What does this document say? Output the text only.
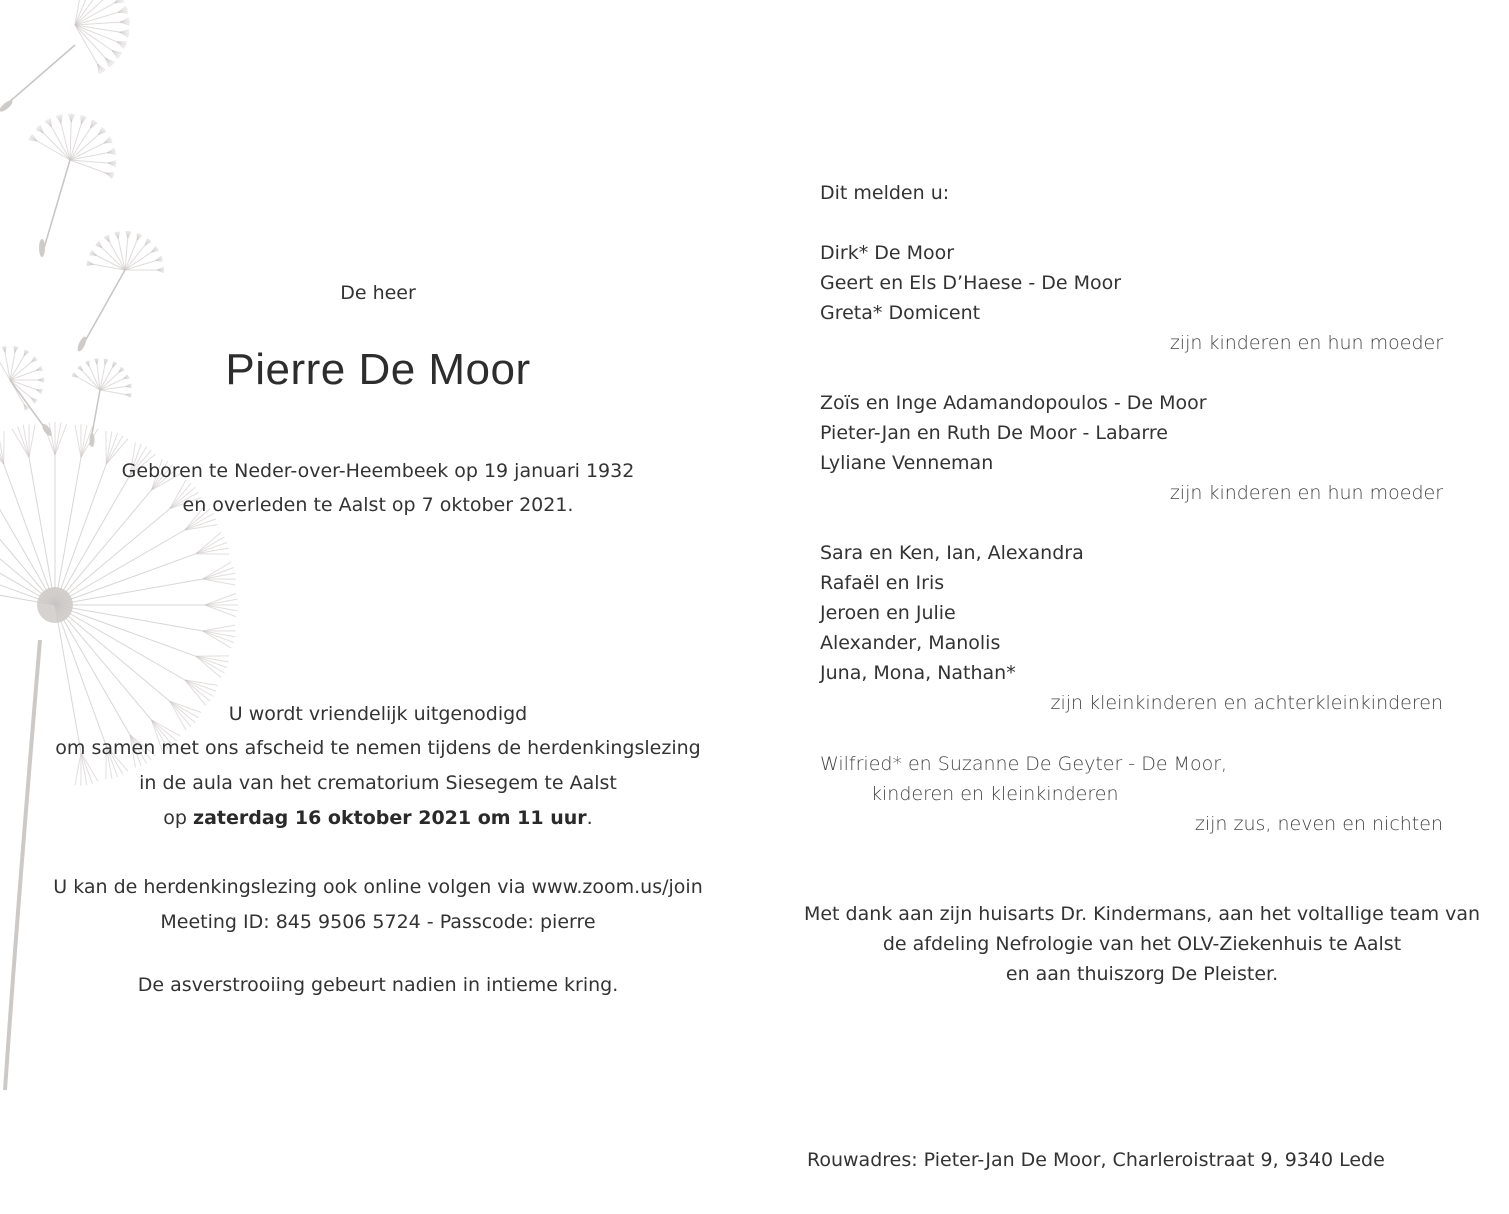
De heer
Pierre De Moor
Geboren te Neder-over-Heembeek op 19 januari 1932
en overleden te Aalst op 7 oktober 2021.
U wordt vriendelijk uitgenodigd
om samen met ons afscheid te nemen tijdens de herdenkingslezing
in de aula van het crematorium Siesegem te Aalst
op zaterdag 16 oktober 2021 om 11 uur.
U kan de herdenkingslezing ook online volgen via www.zoom.us/join
Meeting ID: 845 9506 5724 - Passcode: pierre
De asverstrooiing gebeurt nadien in intieme kring.
Dit melden u:
Dirk* De Moor
Geert en Els D’Haese - De Moor
Greta* Domicent
zijn kinderen en hun moeder
Zoïs en Inge Adamandopoulos - De Moor
Pieter-Jan en Ruth De Moor - Labarre
Lyliane Venneman
zijn kinderen en hun moeder
Sara en Ken, Ian, Alexandra
Rafaël en Iris
Jeroen en Julie
Alexander, Manolis
Juna, Mona, Nathan*
zijn kleinkinderen en achterkleinkinderen
Wilfried* en Suzanne De Geyter - De Moor,
kinderen en kleinkinderen
zijn zus, neven en nichten
Met dank aan zijn huisarts Dr. Kindermans, aan het voltallige team van
de afdeling Nefrologie van het OLV-Ziekenhuis te Aalst
en aan thuiszorg De Pleister.
Rouwadres: Pieter-Jan De Moor, Charleroistraat 9, 9340 Lede
